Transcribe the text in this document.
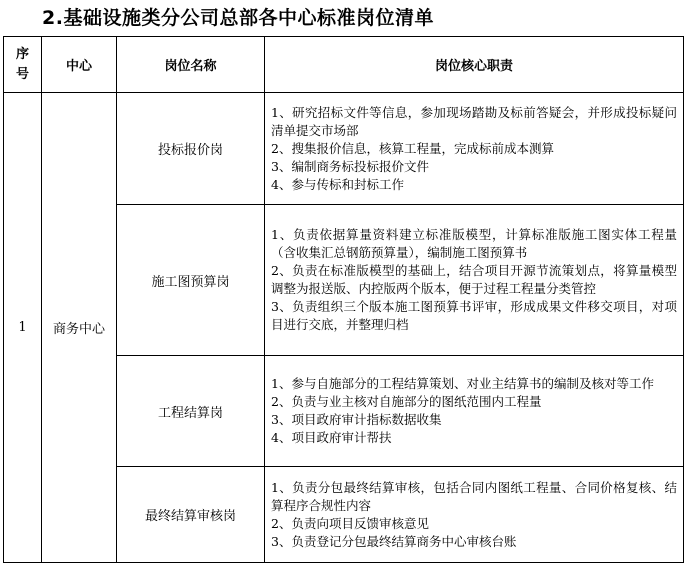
2.基础设施类分公司总部各中心标准岗位清单
序
号	中心	岗位名称	岗位核心职责
1	商务中心	投标报价岗	1、研究招标文件等信息，参加现场踏勘及标前答疑会，并形成投标疑问清单提交市场部
2、搜集报价信息，核算工程量，完成标前成本测算
3、编制商务标投标报价文件
4、参与传标和封标工作

		施工图预算岗	1、负责依据算量资料建立标准版模型，计算标准版施工图实体工程量（含收集汇总钢筋预算量），编制施工图预算书
2、负责在标准版模型的基础上，结合项目开源节流策划点，将算量模型调整为报送版、内控版两个版本，便于过程工程量分类管控
3、负责组织三个版本施工图预算书评审，形成成果文件移交项目，对项目进行交底，并整理归档

		工程结算岗	1、参与自施部分的工程结算策划、对业主结算书的编制及核对等工作
2、负责与业主核对自施部分的图纸范围内工程量
3、项目政府审计指标数据收集
4、项目政府审计帮扶

		最终结算审核岗	1、负责分包最终结算审核，包括合同内图纸工程量、合同价格复核、结算程序合规性内容
2、负责向项目反馈审核意见
3、负责登记分包最终结算商务中心审核台账
